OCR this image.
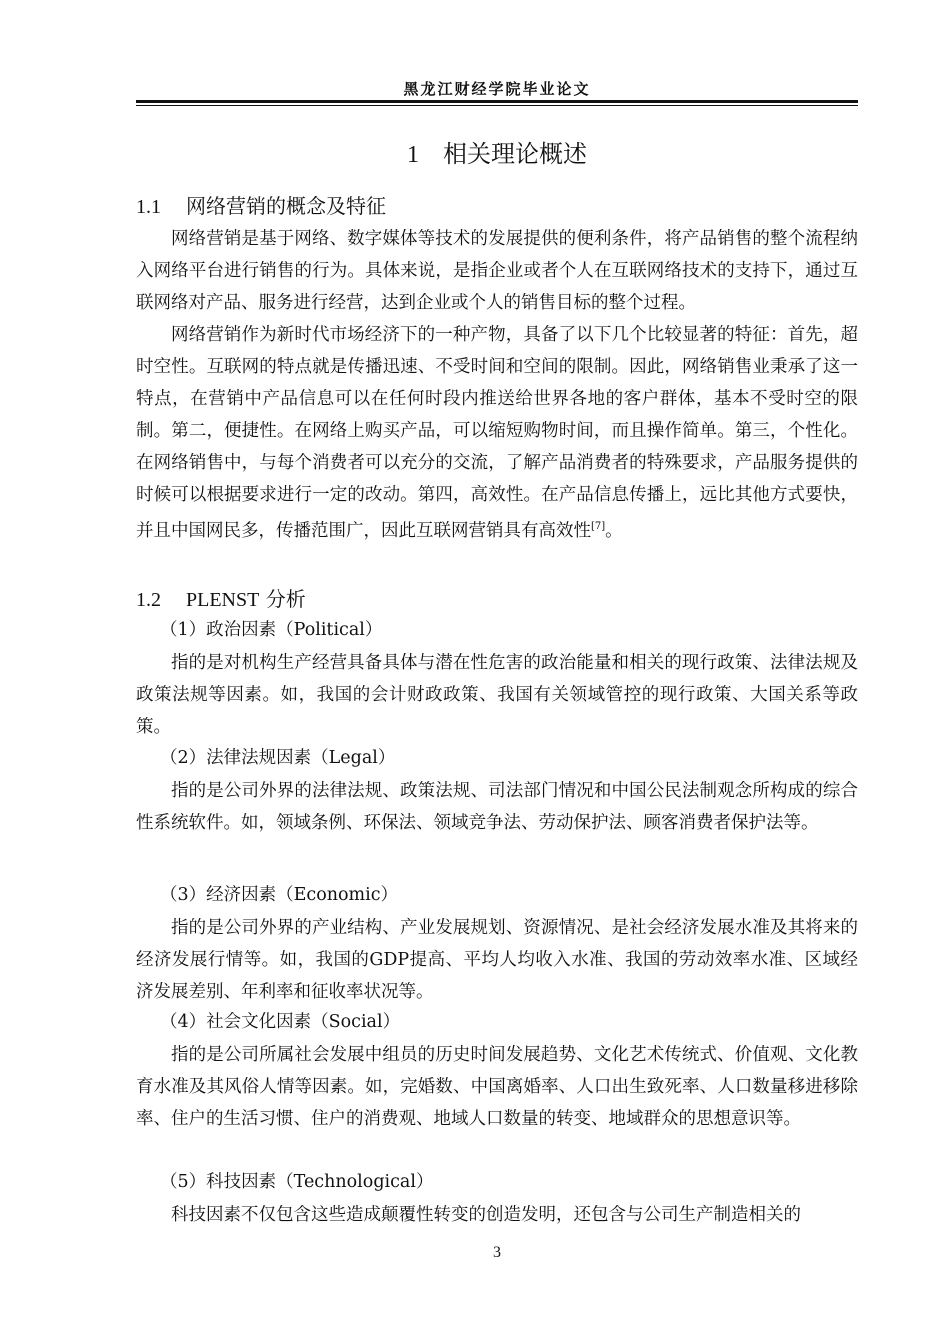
黑龙江财经学院毕业论文
1 相关理论概述
1.1 网络营销的概念及特征

网络营销是基于网络、数字媒体等技术的发展提供的便利条件，将产品销售的整个流程纳入网络平台进行销售的行为。具体来说，是指企业或者个人在互联网络技术的支持下，通过互联网络对产品、服务进行经营，达到企业或个人的销售目标的整个过程。

网络营销作为新时代市场经济下的一种产物，具备了以下几个比较显著的特征：首先，超时空性。互联网的特点就是传播迅速、不受时间和空间的限制。因此，网络销售业秉承了这一特点，在营销中产品信息可以在任何时段内推送给世界各地的客户群体，基本不受时空的限制。第二，便捷性。在网络上购买产品，可以缩短购物时间，而且操作简单。第三，个性化。在网络销售中，与每个消费者可以充分的交流，了解产品消费者的特殊要求，产品服务提供的时候可以根据要求进行一定的改动。第四，高效性。在产品信息传播上，远比其他方式要快，并且中国网民多，传播范围广，因此互联网营销具有高效性[7]。

1.2 PLENST 分析
（1）政治因素（Political）

指的是对机构生产经营具备具体与潜在性危害的政治能量和相关的现行政策、法律法规及政策法规等因素。如，我国的会计财政政策、我国有关领域管控的现行政策、大国关系等政策。

（2）法律法规因素（Legal）

指的是公司外界的法律法规、政策法规、司法部门情况和中国公民法制观念所构成的综合性系统软件。如，领域条例、环保法、领域竞争法、劳动保护法、顾客消费者保护法等。

（3）经济因素（Economic）

指的是公司外界的产业结构、产业发展规划、资源情况、是社会经济发展水准及其将来的经济发展行情等。如，我国的GDP提高、平均人均收入水准、我国的劳动效率水准、区域经济发展差别、年利率和征收率状况等。

（4）社会文化因素（Social）

指的是公司所属社会发展中组员的历史时间发展趋势、文化艺术传统式、价值观、文化教育水准及其风俗人情等因素。如，完婚数、中国离婚率、人口出生致死率、人口数量移进移除率、住户的生活习惯、住户的消费观、地域人口数量的转变、地域群众的思想意识等。

（5）科技因素（Technological）

科技因素不仅包含这些造成颠覆性转变的创造发明，还包含与公司生产制造相关的

3
